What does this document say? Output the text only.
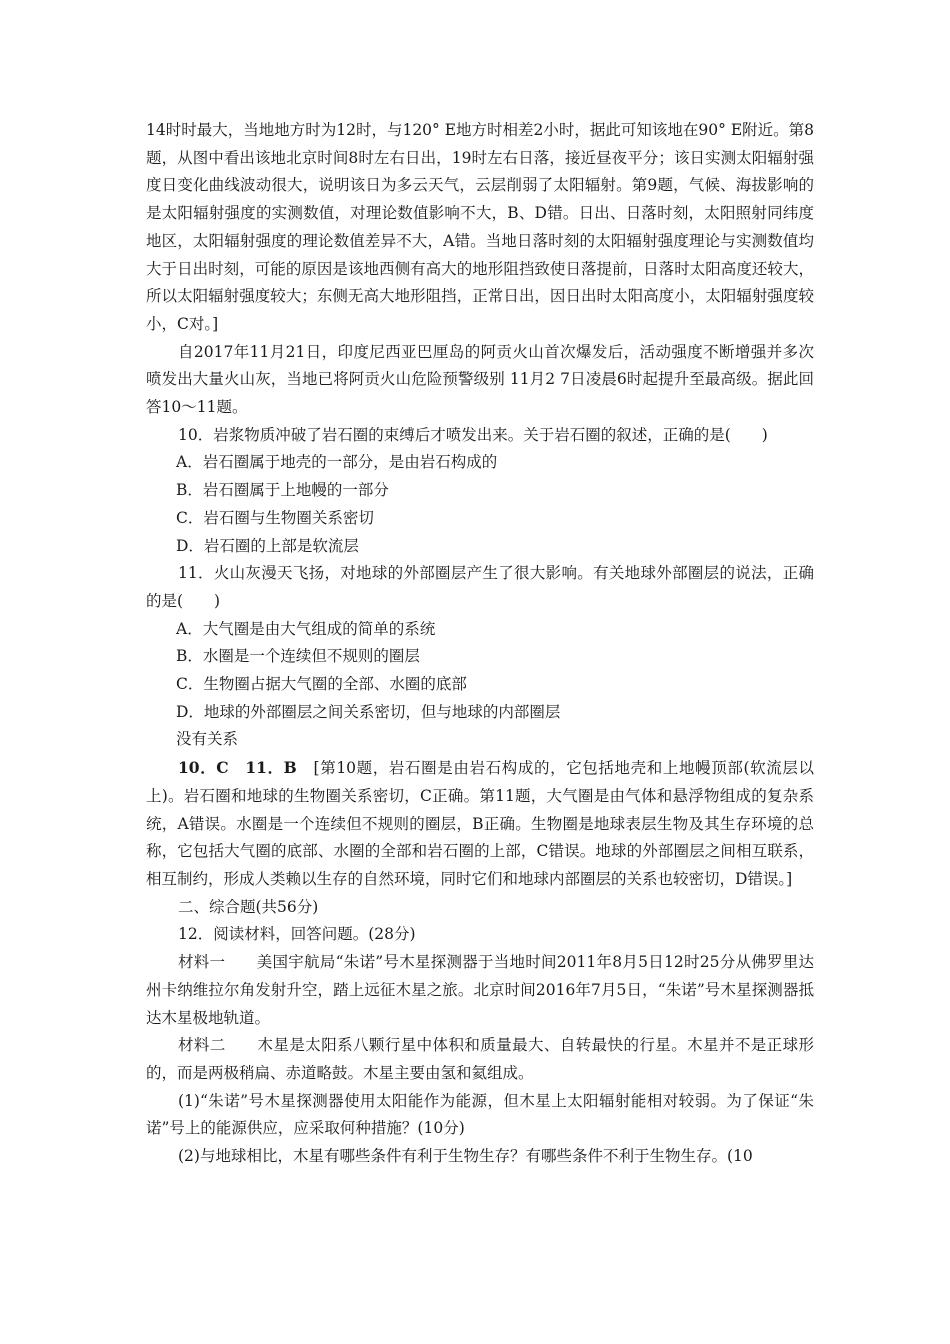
14时时最大，当地地方时为12时，与120° E地方时相差2小时，据此可知该地在90° E附近。第8题，从图中看出该地北京时间8时左右日出，19时左右日落，接近昼夜平分；该日实测太阳辐射强度日变化曲线波动很大，说明该日为多云天气，云层削弱了太阳辐射。第9题，气候、海拔影响的是太阳辐射强度的实测数值，对理论数值影响不大，B、D错。日出、日落时刻，太阳照射同纬度地区，太阳辐射强度的理论数值差异不大，A错。当地日落时刻的太阳辐射强度理论与实测数值均大于日出时刻，可能的原因是该地西侧有高大的地形阻挡致使日落提前，日落时太阳高度还较大，所以太阳辐射强度较大；东侧无高大地形阻挡，正常日出，因日出时太阳高度小，太阳辐射强度较小，C对。]

自2017年11月21日，印度尼西亚巴厘岛的阿贡火山首次爆发后，活动强度不断增强并多次喷发出大量火山灰，当地已将阿贡火山危险预警级别 11月2 7日凌晨6时起提升至最高级。据此回答10～11题。

10．岩浆物质冲破了岩石圈的束缚后才喷发出来。关于岩石圈的叙述，正确的是(　　)

A．岩石圈属于地壳的一部分，是由岩石构成的

B．岩石圈属于上地幔的一部分

C．岩石圈与生物圈关系密切

D．岩石圈的上部是软流层

11．火山灰漫天飞扬，对地球的外部圈层产生了很大影响。有关地球外部圈层的说法，正确的是(　　)

A．大气圈是由大气组成的简单的系统

B．水圈是一个连续但不规则的圈层

C．生物圈占据大气圈的全部、水圈的底部

D．地球的外部圈层之间关系密切，但与地球的内部圈层

没有关系

10．C　11．B　[第10题，岩石圈是由岩石构成的，它包括地壳和上地幔顶部(软流层以上)。岩石圈和地球的生物圈关系密切，C正确。第11题，大气圈是由气体和悬浮物组成的复杂系统，A错误。水圈是一个连续但不规则的圈层，B正确。生物圈是地球表层生物及其生存环境的总称，它包括大气圈的底部、水圈的全部和岩石圈的上部，C错误。地球的外部圈层之间相互联系，相互制约，形成人类赖以生存的自然环境，同时它们和地球内部圈层的关系也较密切，D错误。]

二、综合题(共56分)

12．阅读材料，回答问题。(28分)

材料一　　美国宇航局“朱诺”号木星探测器于当地时间2011年8月5日12时25分从佛罗里达州卡纳维拉尔角发射升空，踏上远征木星之旅。北京时间2016年7月5日，“朱诺”号木星探测器抵达木星极地轨道。

材料二　　木星是太阳系八颗行星中体积和质量最大、自转最快的行星。木星并不是正球形的，而是两极稍扁、赤道略鼓。木星主要由氢和氦组成。

(1)“朱诺”号木星探测器使用太阳能作为能源，但木星上太阳辐射能相对较弱。为了保证“朱诺”号上的能源供应，应采取何种措施？(10分)

(2)与地球相比，木星有哪些条件有利于生物生存？有哪些条件不利于生物生存。(10
